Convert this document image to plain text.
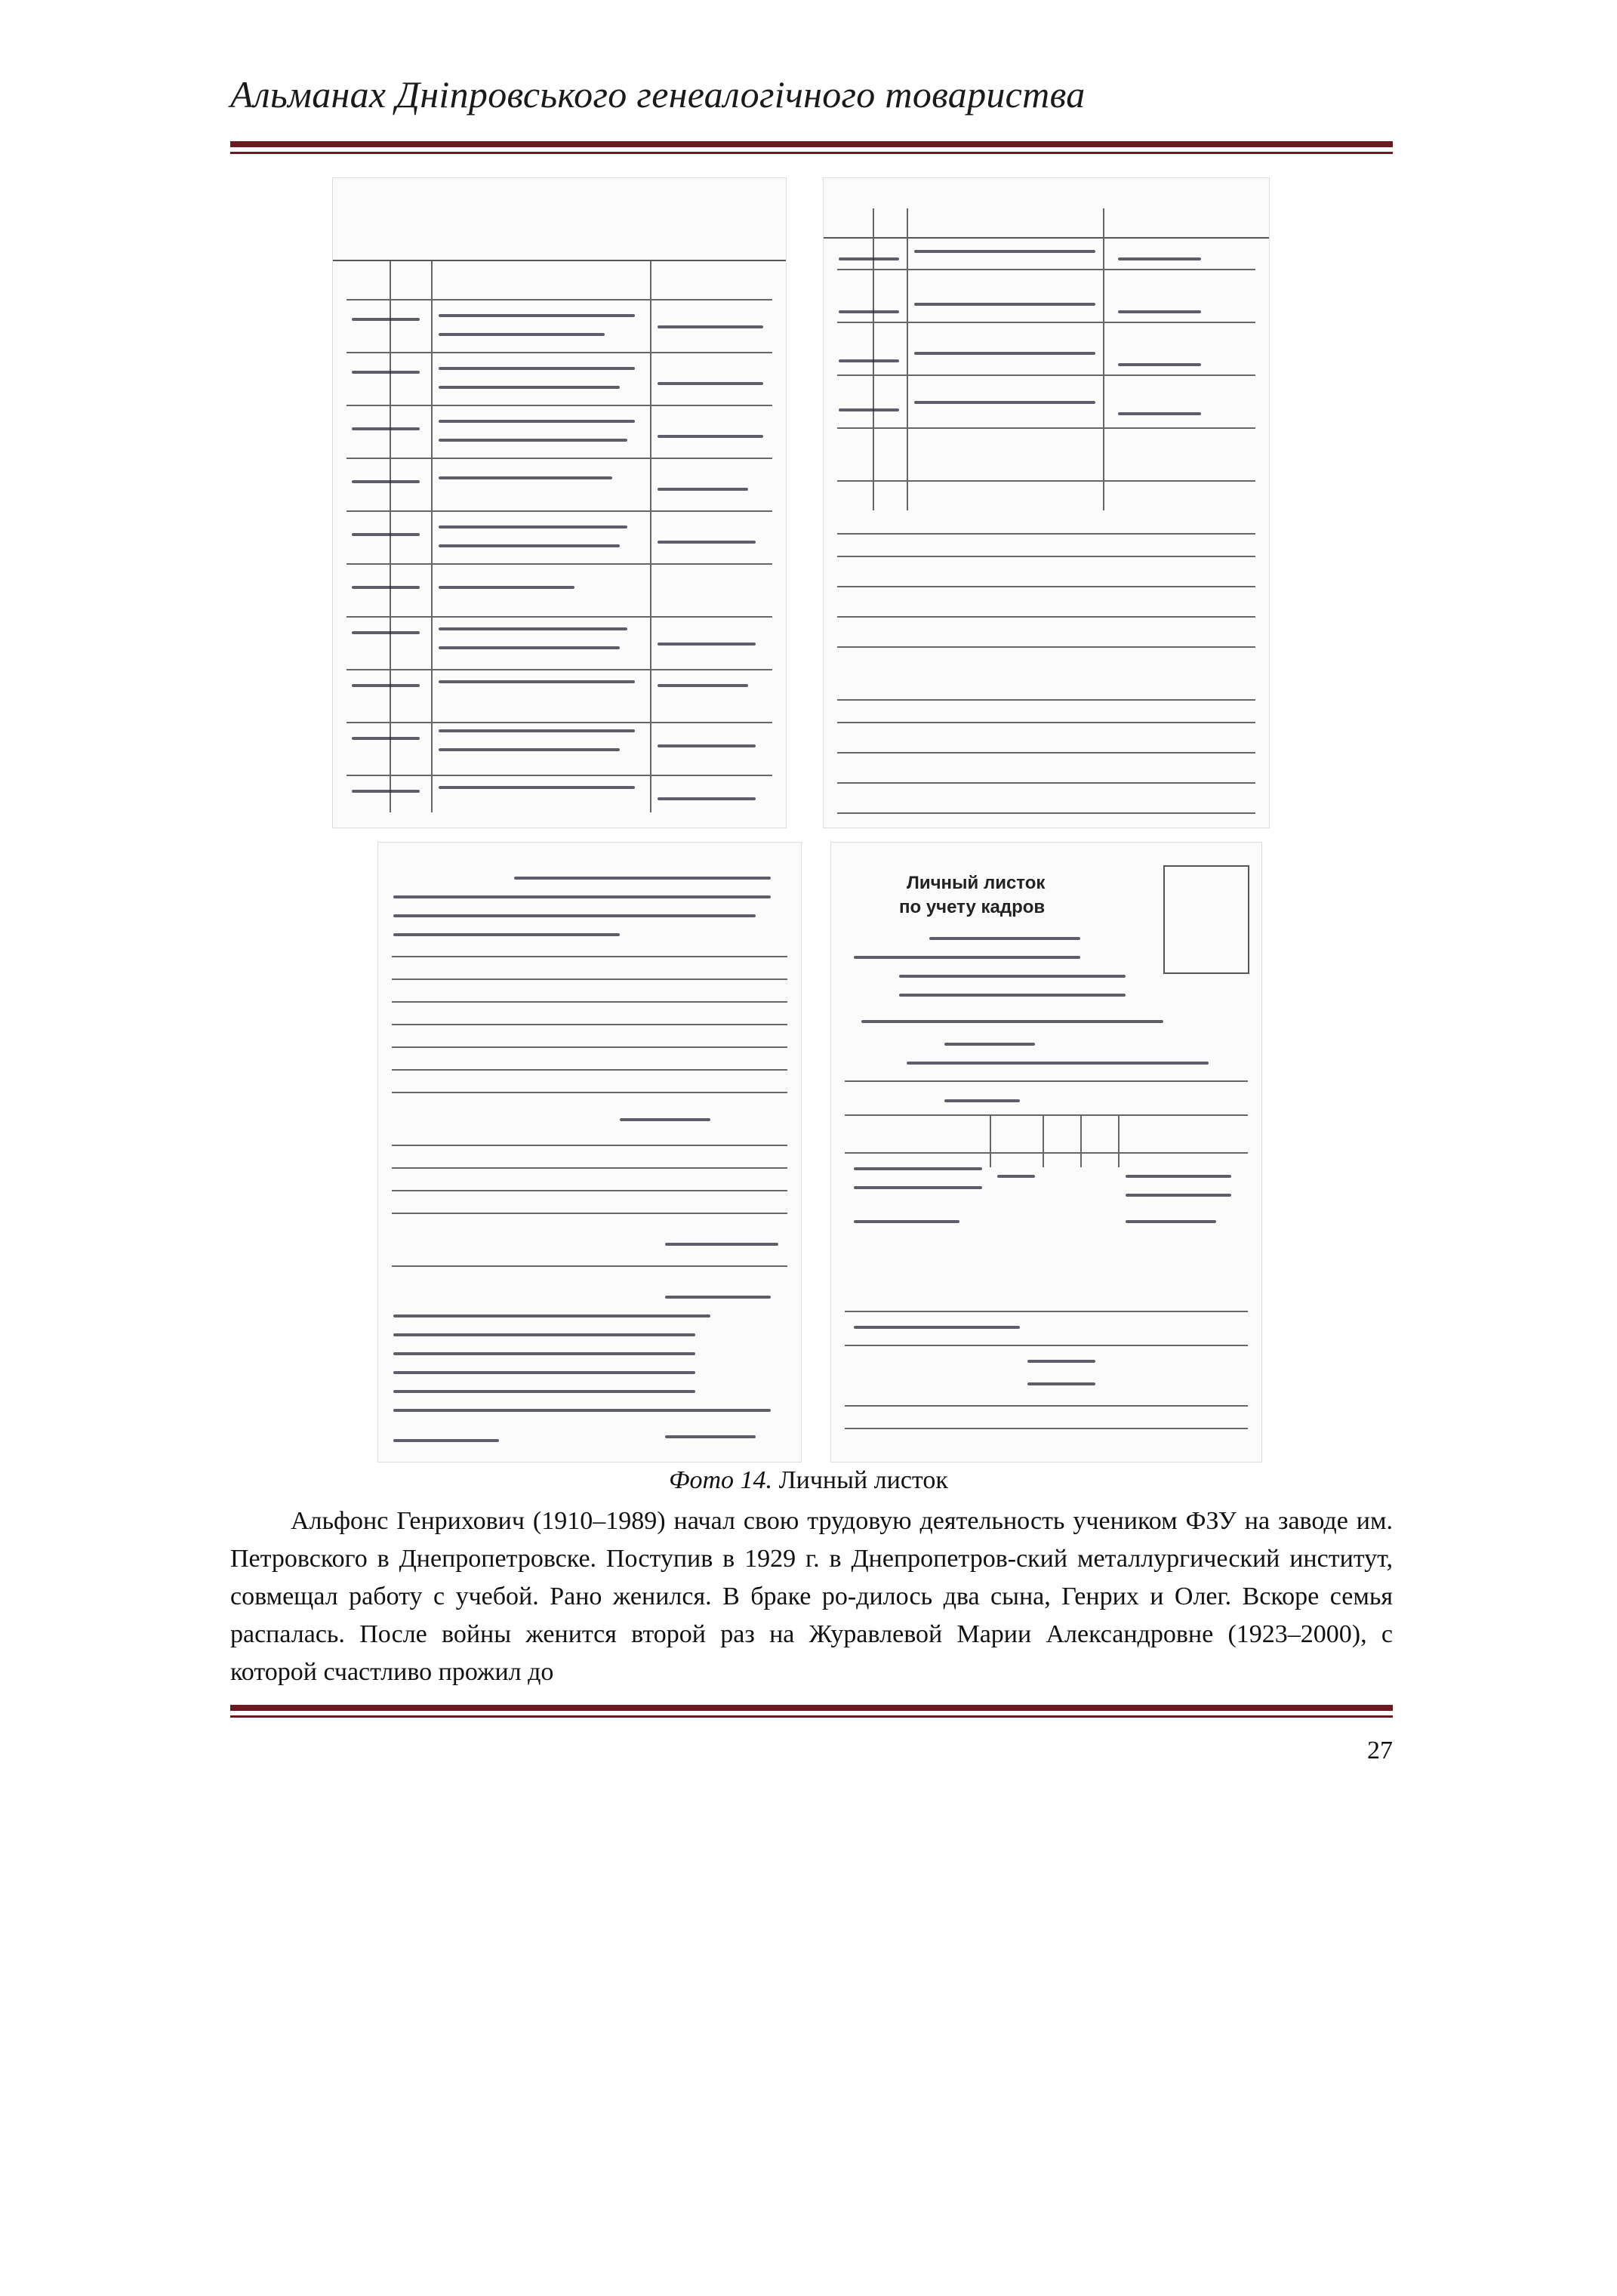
Альманах Дніпровського генеалогічного товариства
Личный листок
по учету кадров
Фото 14. Личный листок

Альфонс Генрихович (1910–1989) начал свою трудовую деятельность учеником ФЗУ на заводе им. Петровского в Днепропетровске. Поступив в 1929 г. в Днепропетров-ский металлургический институт, совмещал работу с учебой. Рано женился. В браке ро-дилось два сына, Генрих и Олег. Вскоре семья распалась. После войны женится второй раз на Журавлевой Марии Александровне (1923–2000), с которой счастливо прожил до

27
